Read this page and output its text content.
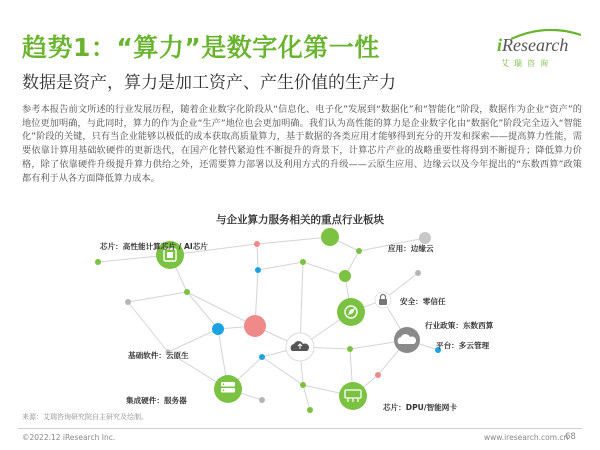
趋势1：“算力”是数字化第一性
数据是资产，算力是加工资产、产生价值的生产力
iResearch
艾瑞咨询
参考本报告前文所述的行业发展历程，随着企业数字化阶段从“信息化、电子化”发展到“数据化”和“智能化”阶段，数据作为企业“资产”的地位更加明确，与此同时，算力的作为企业“生产”地位也会更加明确。我们认为高性能的算力是企业数字化由“数据化”阶段完全迈入“智能化”阶段的关键，只有当企业能够以极低的成本获取高质量算力，基于数据的各类应用才能够得到充分的开发和探索——提高算力性能，需要依靠计算用基础软硬件的更新迭代，在国产化替代紧迫性不断提升的背景下，计算芯片产业的战略重要性将得到不断提升；降低算力价格，除了依靠硬件升级提升算力供给之外，还需要算力部署以及利用方式的升级——云原生应用、边缘云以及今年提出的“东数西算”政策都有利于从各方面降低算力成本。
与企业算力服务相关的重点行业板块
芯片：高性能计算芯片 / AI芯片	应用：边缘云
安全：零信任
行业政策：东数西算
平台：多云管理
基础软件：云原生
集成硬件：服务器
芯片：DPU/智能网卡
来源：艾瑞咨询研究院自主研究及绘制。
©2022.12 iResearch Inc.	www.iresearch.com.cn
68
